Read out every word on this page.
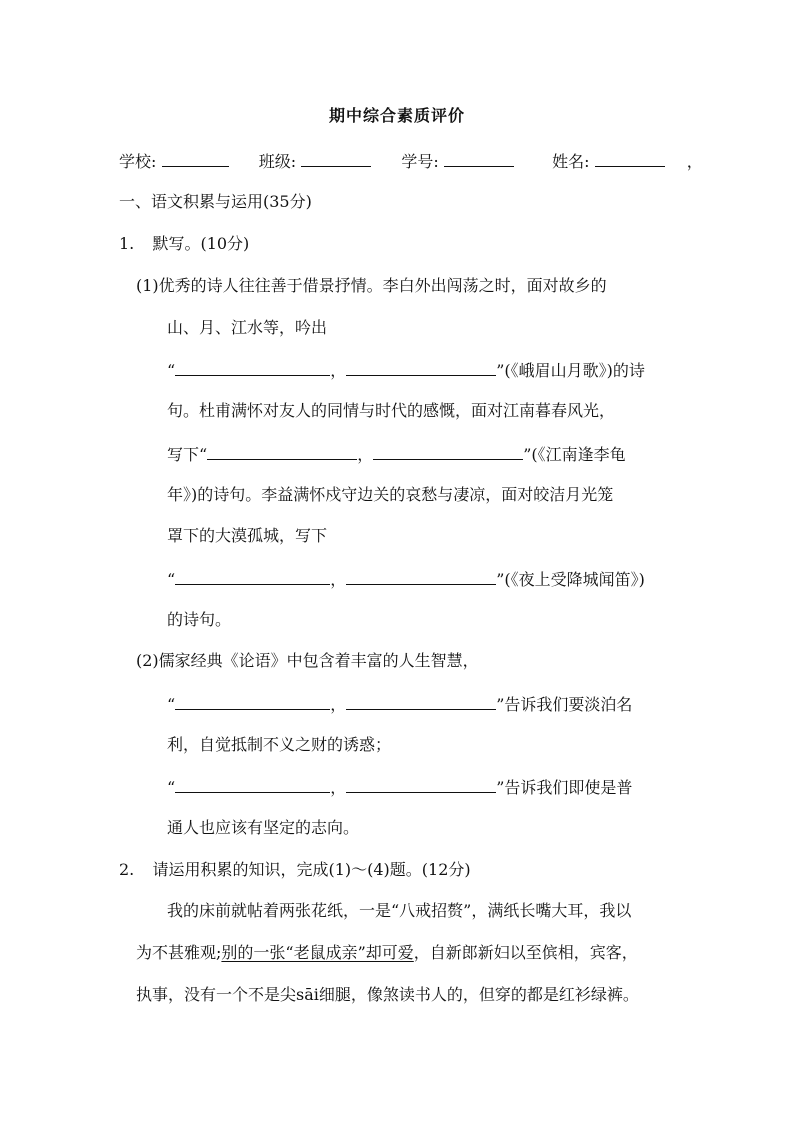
期中综合素质评价
学校:	班级:	学号:	姓名:	，
一、语文积累与运用(35分)
1. 默写。(10分)
(1)优秀的诗人往往善于借景抒情。李白外出闯荡之时，面对故乡的
山、月、江水等，吟出
“	，	”(《峨眉山月歌》)的诗
句。杜甫满怀对友人的同情与时代的感慨，面对江南暮春风光，
写下“	，	”(《江南逢李龟
年》)的诗句。李益满怀戍守边关的哀愁与凄凉，面对皎洁月光笼
罩下的大漠孤城，写下
“	，	”(《夜上受降城闻笛》)
的诗句。
(2)儒家经典《论语》中包含着丰富的人生智慧，
“	，	”告诉我们要淡泊名
利，自觉抵制不义之财的诱惑；
“	，	”告诉我们即使是普
通人也应该有坚定的志向。
2. 请运用积累的知识，完成(1)～(4)题。(12分)
我的床前就帖着两张花纸，一是“八戒招赘”，满纸长嘴大耳，我以
为不甚雅观;别的一张“老鼠成亲”却可爱，自新郎新妇以至傧相，宾客，
执事，没有一个不是尖sāi细腿，像煞读书人的，但穿的都是红衫绿裤。
